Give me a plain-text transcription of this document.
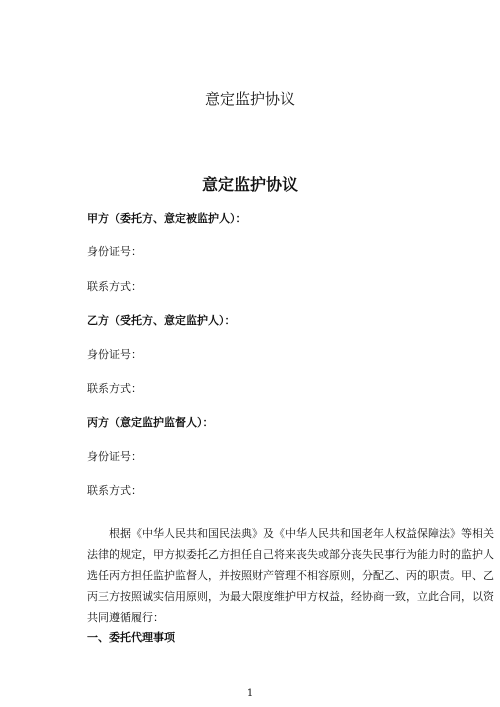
意定监护协议
意定监护协议
甲方（委托方、意定被监护人）：
身份证号：
联系方式：
乙方（受托方、意定监护人）：
身份证号：
联系方式：
丙方（意定监护监督人）：
身份证号：
联系方式：
根据《中华人民共和国民法典》及《中华人民共和国老年人权益保障法》等相关
法律的规定，甲方拟委托乙方担任自己将来丧失或部分丧失民事行为能力时的监护人
选任丙方担任监护监督人，并按照财产管理不相容原则，分配乙、丙的职责。甲、乙
丙三方按照诚实信用原则，为最大限度维护甲方权益，经协商一致，立此合同，以资
共同遵循履行：
一、委托代理事项
1
